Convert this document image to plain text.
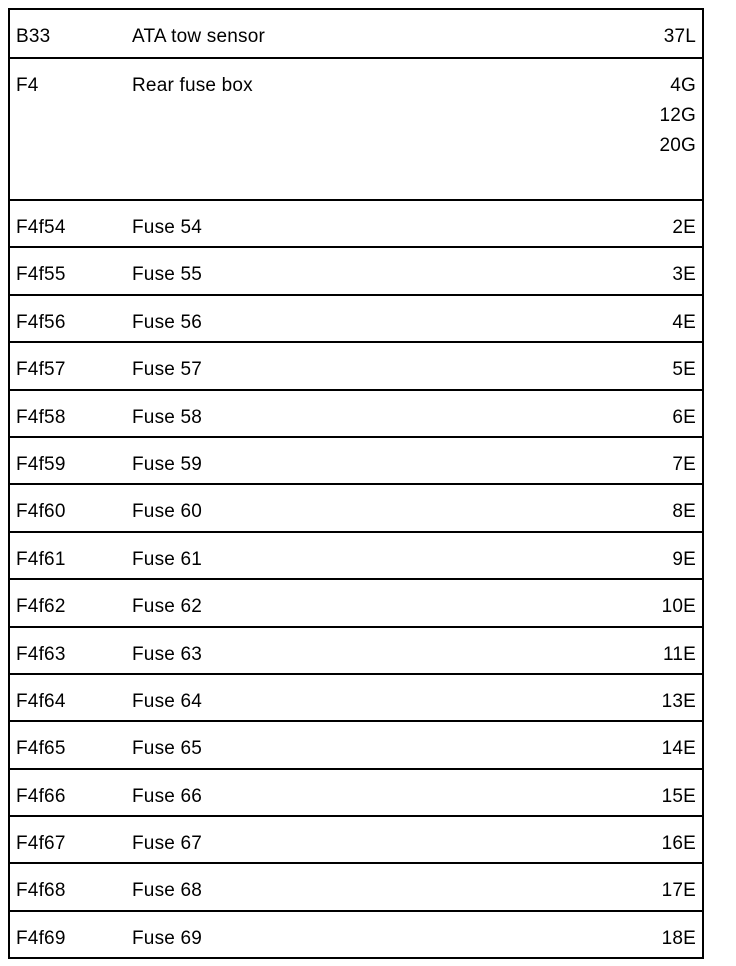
B33	ATA tow sensor	37L
F4	Rear fuse box	4G
12G
20G
F4f54	Fuse 54	2E
F4f55	Fuse 55	3E
F4f56	Fuse 56	4E
F4f57	Fuse 57	5E
F4f58	Fuse 58	6E
F4f59	Fuse 59	7E
F4f60	Fuse 60	8E
F4f61	Fuse 61	9E
F4f62	Fuse 62	10E
F4f63	Fuse 63	11E
F4f64	Fuse 64	13E
F4f65	Fuse 65	14E
F4f66	Fuse 66	15E
F4f67	Fuse 67	16E
F4f68	Fuse 68	17E
F4f69	Fuse 69	18E
